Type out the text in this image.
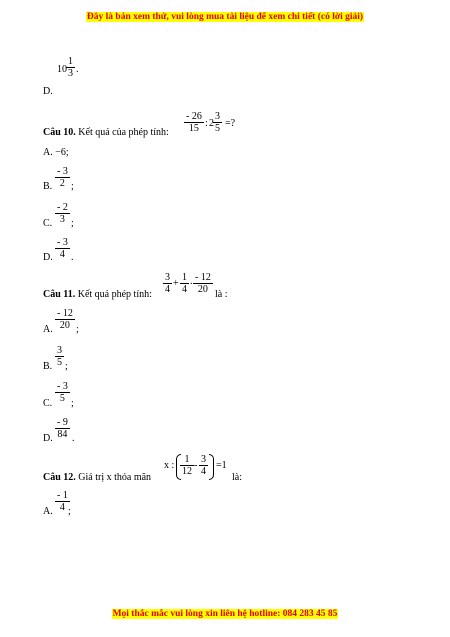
Đây là bản xem thử, vui lòng mua tài liệu để xem chi tiết (có lời giải)
$10 \frac{1}{3}$ .
D.
Câu 10. Kết quả của phép tính: $\frac{- 26}{15}$ : $2 \frac{3}{5}$ =?
A. −6;
B. $\frac{- 3}{2}$ ;
C. $\frac{- 2}{3}$ ;
D. $\frac{- 3}{4}$ .
Câu 11. Kết quả phép tính: $\frac{3}{4} + \frac{1}{4}$ . $\frac{- 12}{20}$ là :
A. $\frac{- 12}{20}$ ;
B. $\frac{3}{5}$ ;
C. $\frac{- 3}{5}$ ;
D. $\frac{- 9}{84}$ .
Câu 12. Giá trị x thỏa mãn
x : $\frac{1}{12} - \frac{3}{4} =1$
là:
A. $\frac{- 1}{4}$
;
Mọi thắc mắc vui lòng xin liên hệ hotline: 084 283 45 85
